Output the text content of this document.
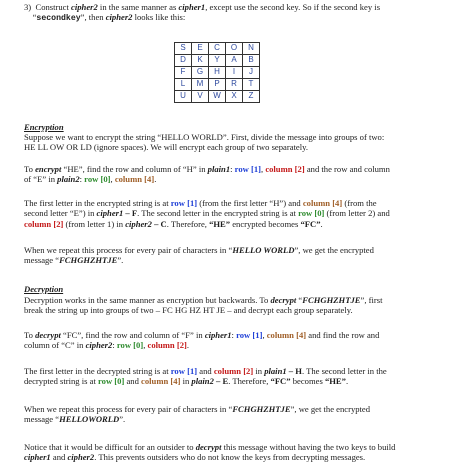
3) Construct cipher2 in the same manner as cipher1, except use the second key. So if the second key is
“secondkey”, then cipher2 looks like this:

S	E	C	O	N
D	K	Y	A	B
F	G	H	I	J
L	M	P	R	T
U	V	W	X	Z

Encryption

Suppose we want to encrypt the string “HELLO WORLD”. First, divide the message into groups of two:
HE LL OW OR LD (ignore spaces). We will encrypt each group of two separately.

To encrypt “HE”, find the row and column of “H” in plain1: row [1], column [2] and the row and column
of “E” in plain2: row [0], column [4].

The first letter in the encrypted string is at row [1] (from the first letter “H”) and column [4] (from the
second letter “E”) in cipher1 – F. The second letter in the encrypted string is at row [0] (from letter 2) and
column [2] (from letter 1) in cipher2 – C. Therefore, “HE” encrypted becomes “FC”.

When we repeat this process for every pair of characters in “HELLO WORLD”, we get the encrypted
message “FCHGHZHTJE”.

Decryption

Decryption works in the same manner as encryption but backwards. To decrypt “FCHGHZHTJE”, first
break the string up into groups of two – FC HG HZ HT JE – and decrypt each group separately.

To decrypt “FC”, find the row and column of “F” in cipher1: row [1], column [4] and find the row and
column of “C” in cipher2: row [0], column [2].

The first letter in the decrypted string is at row [1] and column [2] in plain1 – H. The second letter in the
decrypted string is at row [0] and column [4] in plain2 – E. Therefore, “FC” becomes “HE”.

When we repeat this process for every pair of characters in “FCHGHZHTJE”, we get the encrypted
message “HELLOWORLD”.

Notice that it would be difficult for an outsider to decrypt this message without having the two keys to build
cipher1 and cipher2. This prevents outsiders who do not know the keys from decrypting messages.
